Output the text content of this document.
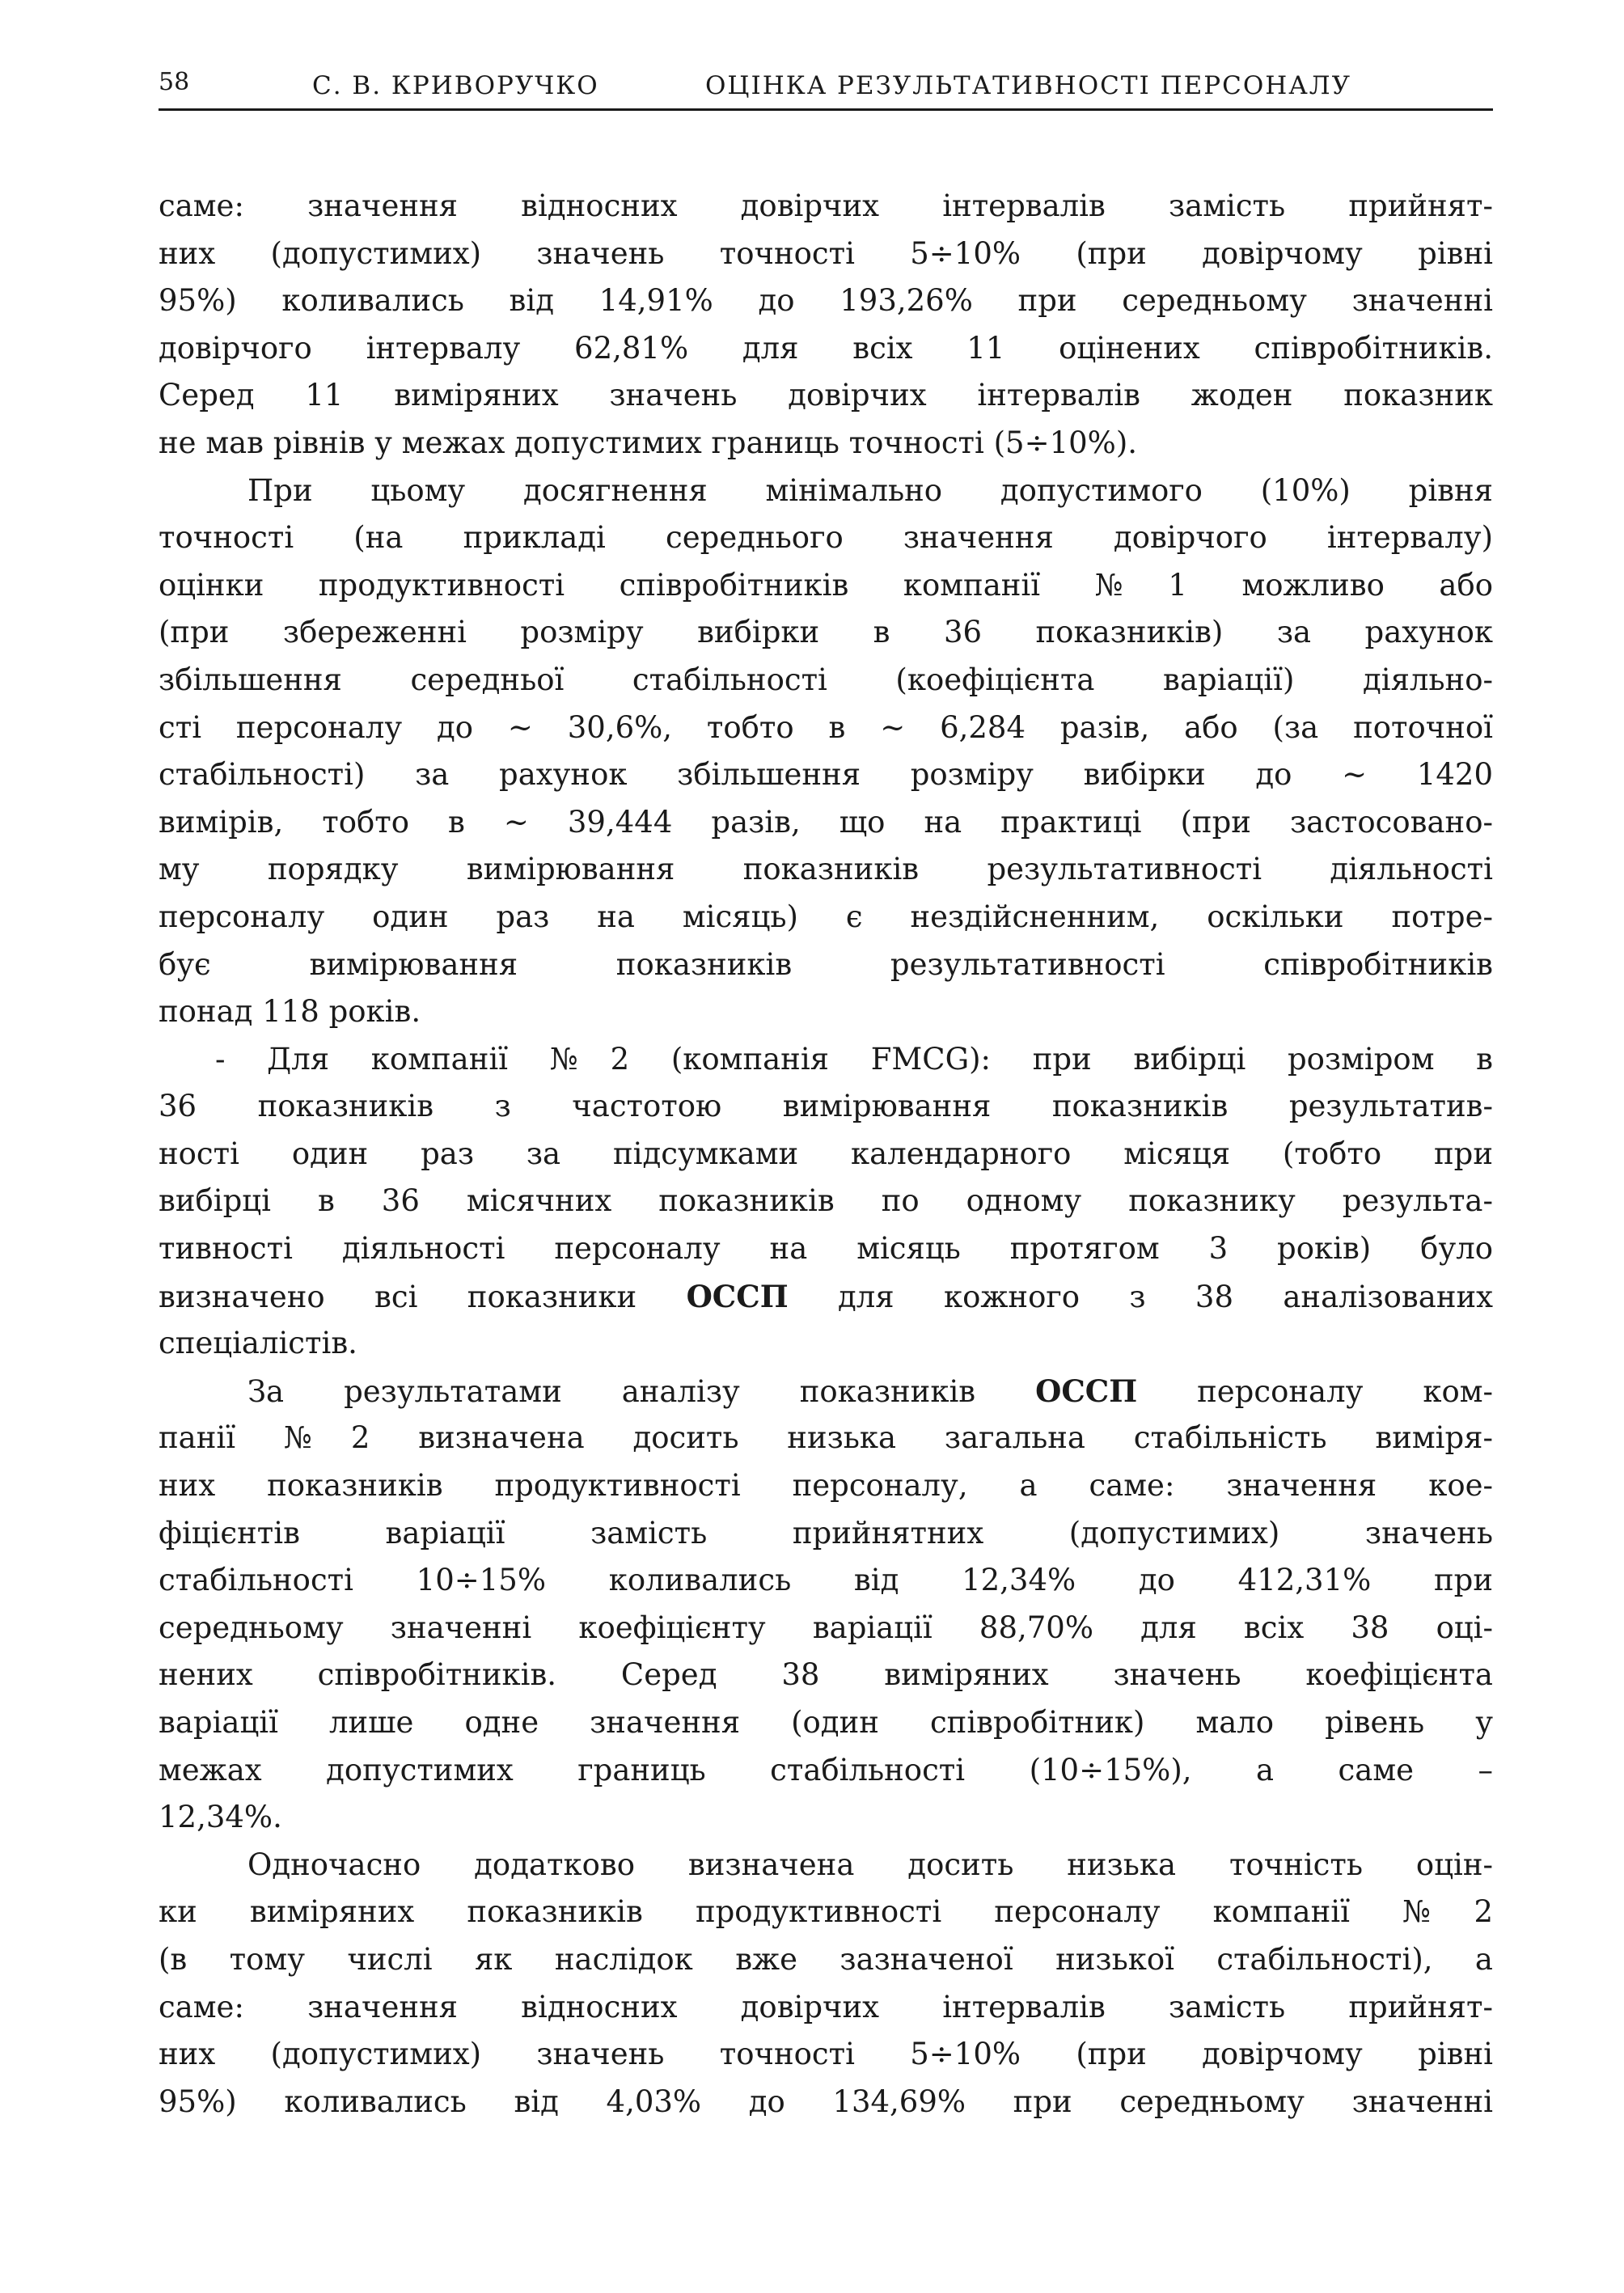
58	С. В. КРИВОРУЧКО	ОЦІНКА РЕЗУЛЬТАТИВНОСТІ ПЕРСОНАЛУ
саме: значення відносних довірчих інтервалів замість прийнят-
них (допустимих) значень точності 5÷10% (при довірчому рівні
95%) коливались від 14,91% до 193,26% при середньому значенні
довірчого інтервалу 62,81% для всіх 11 оцінених співробітників.
Серед 11 виміряних значень довірчих інтервалів жоден показник
не мав рівнів у межах допустимих границь точності (5÷10%).
При цьому досягнення мінімально допустимого (10%) рівня
точності (на прикладі середнього значення довірчого інтервалу)
оцінки продуктивності співробітників компанії №1 можливо або
(при збереженні розміру вибірки в 36 показників) за рахунок
збільшення середньої стабільності (коефіцієнта варіації) діяльно-
сті персоналу до ~ 30,6%, тобто в ~ 6,284 разів, або (за поточної
стабільності) за рахунок збільшення розміру вибірки до ~ 1420
вимірів, тобто в ~ 39,444 разів, що на практиці (при застосовано-
му порядку вимірювання показників результативності діяльності
персоналу один раз на місяць) є нездійсненним, оскільки потре-
бує вимірювання показників результативності співробітників
понад 118 років.
- Для компанії №2 (компанія FMCG): при вибірці розміром в
36 показників з частотою вимірювання показників результатив-
ності один раз за підсумками календарного місяця (тобто при
вибірці в 36 місячних показників по одному показнику результа-
тивності діяльності персоналу на місяць протягом 3 років) було
визначено всі показники ОССП для кожного з 38 аналізованих
спеціалістів.
За результатами аналізу показників ОССП персоналу ком-
панії №2 визначена досить низька загальна стабільність виміря-
них показників продуктивності персоналу, а саме: значення кое-
фіцієнтів варіації замість прийнятних (допустимих) значень
стабільності 10÷15% коливались від 12,34% до 412,31% при
середньому значенні коефіцієнту варіації 88,70% для всіх 38 оці-
нених співробітників. Серед 38 виміряних значень коефіцієнта
варіації лише одне значення (один співробітник) мало рівень у
межах допустимих границь стабільності (10÷15%), а саме –
12,34%.
Одночасно додатково визначена досить низька точність оцін-
ки виміряних показників продуктивності персоналу компанії №2
(в тому числі як наслідок вже зазначеної низької стабільності), а
саме: значення відносних довірчих інтервалів замість прийнят-
них (допустимих) значень точності 5÷10% (при довірчому рівні
95%) коливались від 4,03% до 134,69% при середньому значенні
